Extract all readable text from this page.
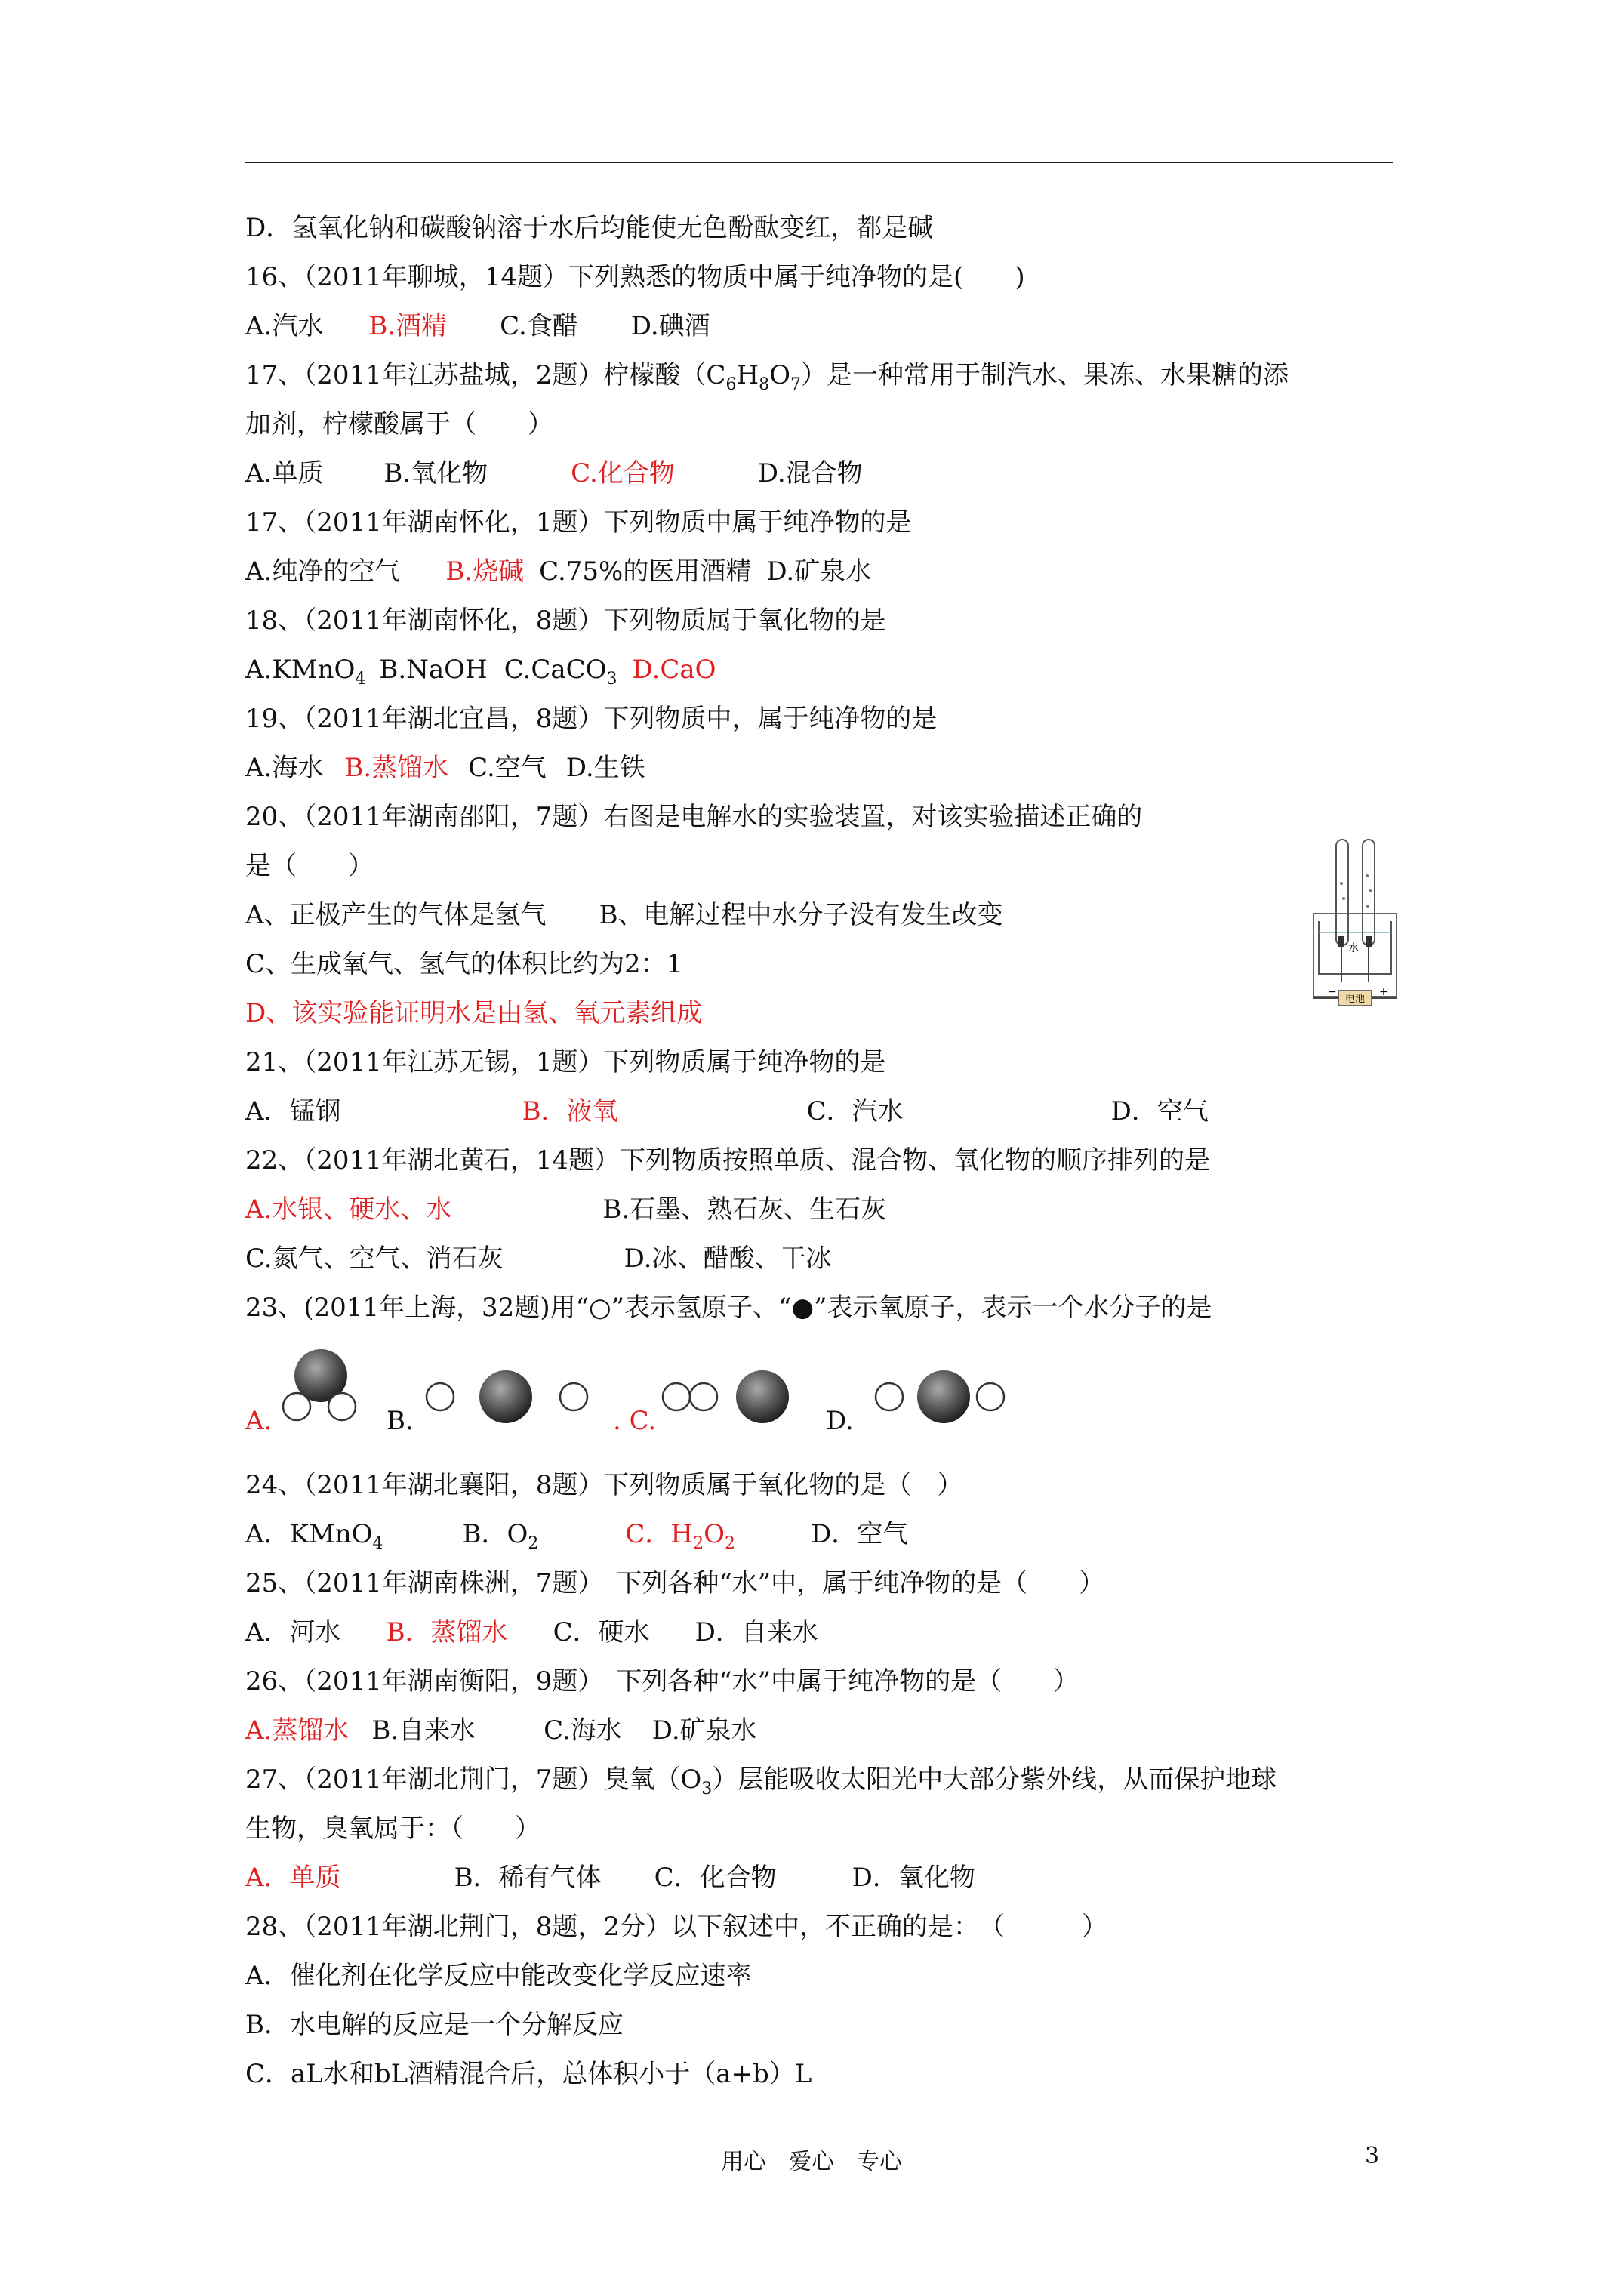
D．氢氧化钠和碳酸钠溶于水后均能使无色酚酞变红，都是碱
16、（2011年聊城，14题）下列熟悉的物质中属于纯净物的是(　　)
A.汽水 B.酒精 C.食醋 D.碘酒
17、（2011年江苏盐城，2题）柠檬酸$(C_6H_8O_7)$是一种常用于制汽水、果冻、水果糖的添
加剂，柠檬酸属于（　　）
A.单质 B.氧化物	C.化合物	D.混合物
17、（2011年湖南怀化，1题）下列物质中属于纯净物的是
A.纯净的空气 B.烧碱 C.75%的医用酒精 D.矿泉水
18、（2011年湖南怀化，8题）下列物质属于氧化物的是
A.KMnO$_4$ B.NaOH C.CaCO$_3$ D.CaO
19、（2011年湖北宜昌，8题）下列物质中，属于纯净物的是
A.海水 B.蒸馏水 C.空气 D.生铁
20、（2011年湖南邵阳，7题）右图是电解水的实验装置，对该实验描述正确的
是（　　）
A、正极产生的气体是氢气 B、电解过程中水分子没有发生改变
C、生成氧气、氢气的体积比约为2：1
D、该实验能证明水是由氢、氧元素组成
水
电池
−	+
21、（2011年江苏无锡，1题）下列物质属于纯净物的是
A．锰钢	B．液氧	C．汽水	D．空气
22、（2011年湖北黄石，14题）下列物质按照单质、混合物、氧化物的顺序排列的是
A.水银、硬水、水	B.石墨、熟石灰、生石灰
C.氮气、空气、消石灰	D.冰、醋酸、干冰
23、(2011年上海，32题)用“○”表示氢原子、“●”表示氧原子，表示一个水分子的是
A.	B.	. C.	D.
24、（2011年湖北襄阳，8题）下列物质属于氧化物的是（　）
A．KMnO$_4$	B．$O_2$	C．$H_2O_2$	D．空气
25、（2011年湖南株洲，7题）　下列各种“水”中，属于纯净物的是（　　）
A．河水 B．蒸馏水 C．硬水 D．自来水
26、（2011年湖南衡阳，9题）　下列各种“水”中属于纯净物的是（　　）
A.蒸馏水 B.自来水	C.海水 D.矿泉水
27、（2011年湖北荆门，7题）臭氧$(O_3)$层能吸收太阳光中大部分紫外线，从而保护地球
生物，臭氧属于：（　　）
A．单质	B．稀有气体 C．化合物	D．氧化物
28、（2011年湖北荆门，8题，2分）以下叙述中，不正确的是：　（　　　）
A．催化剂在化学反应中能改变化学反应速率
B．水电解的反应是一个分解反应
C．aL水和bL酒精混合后，总体积小于（a+b）L
用心　爱心　专心	3
